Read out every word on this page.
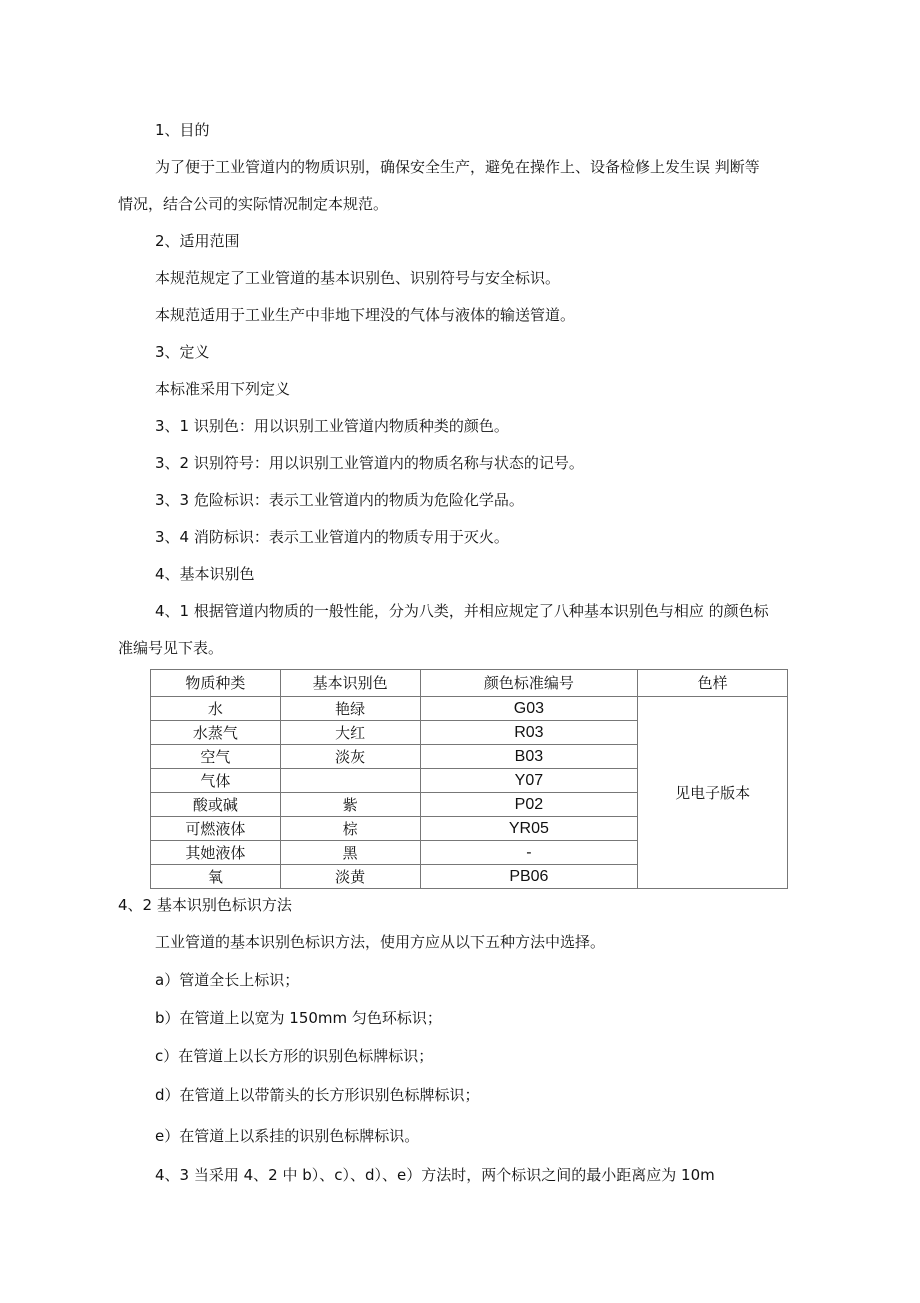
1、目的
为了便于工业管道内的物质识别，确保安全生产，避免在操作上、设备检修上发生误 判断等
情况，结合公司的实际情况制定本规范。
2、适用范围
本规范规定了工业管道的基本识别色、识别符号与安全标识。
本规范适用于工业生产中非地下埋没的气体与液体的输送管道。
3、定义
本标准采用下列定义
3、1 识别色：用以识别工业管道内物质种类的颜色。
3、2 识别符号：用以识别工业管道内的物质名称与状态的记号。
3、3 危险标识：表示工业管道内的物质为危险化学品。
3、4 消防标识：表示工业管道内的物质专用于灭火。
4、基本识别色
4、1 根据管道内物质的一般性能，分为八类，并相应规定了八种基本识别色与相应 的颜色标
准编号见下表。
物质种类	基本识别色	颜色标准编号	色样
水	艳绿	G03	见电子版本
水蒸气	大红	R03	
空气	淡灰	B03	
气体		Y07	
酸或碱	紫	P02	
可燃液体	棕	YR05	
其她液体	黑	-	
氧	淡黄	PB06	
4、2 基本识别色标识方法
工业管道的基本识别色标识方法，使用方应从以下五种方法中选择。
a）管道全长上标识；
b）在管道上以宽为 150mm 匀色环标识；
c）在管道上以长方形的识别色标牌标识；
d）在管道上以带箭头的长方形识别色标牌标识；
e）在管道上以系挂的识别色标牌标识。
4、3 当采用 4、2 中 b）、c）、d）、e）方法时，两个标识之间的最小距离应为 10m
